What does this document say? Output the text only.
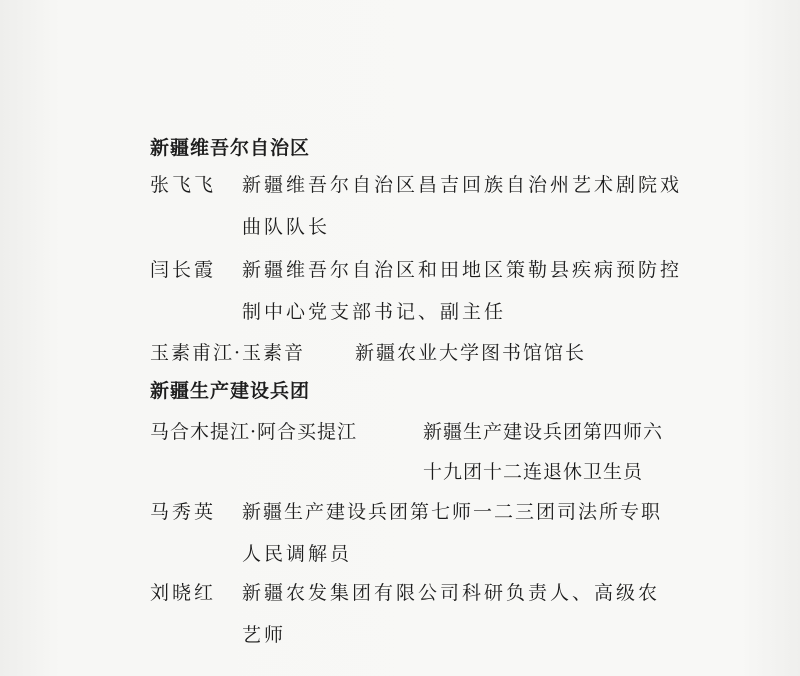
新疆维吾尔自治区
张飞飞 新疆维吾尔自治区昌吉回族自治州艺术剧院戏
曲队队长
闫长霞 新疆维吾尔自治区和田地区策勒县疾病预防控
制中心党支部书记、副主任
玉素甫江·玉素音	新疆农业大学图书馆馆长
新疆生产建设兵团
马合木提江·阿合买提江	新疆生产建设兵团第四师六
十九团十二连退休卫生员
马秀英 新疆生产建设兵团第七师一二三团司法所专职
人民调解员
刘晓红 新疆农发集团有限公司科研负责人、高级农
艺师
